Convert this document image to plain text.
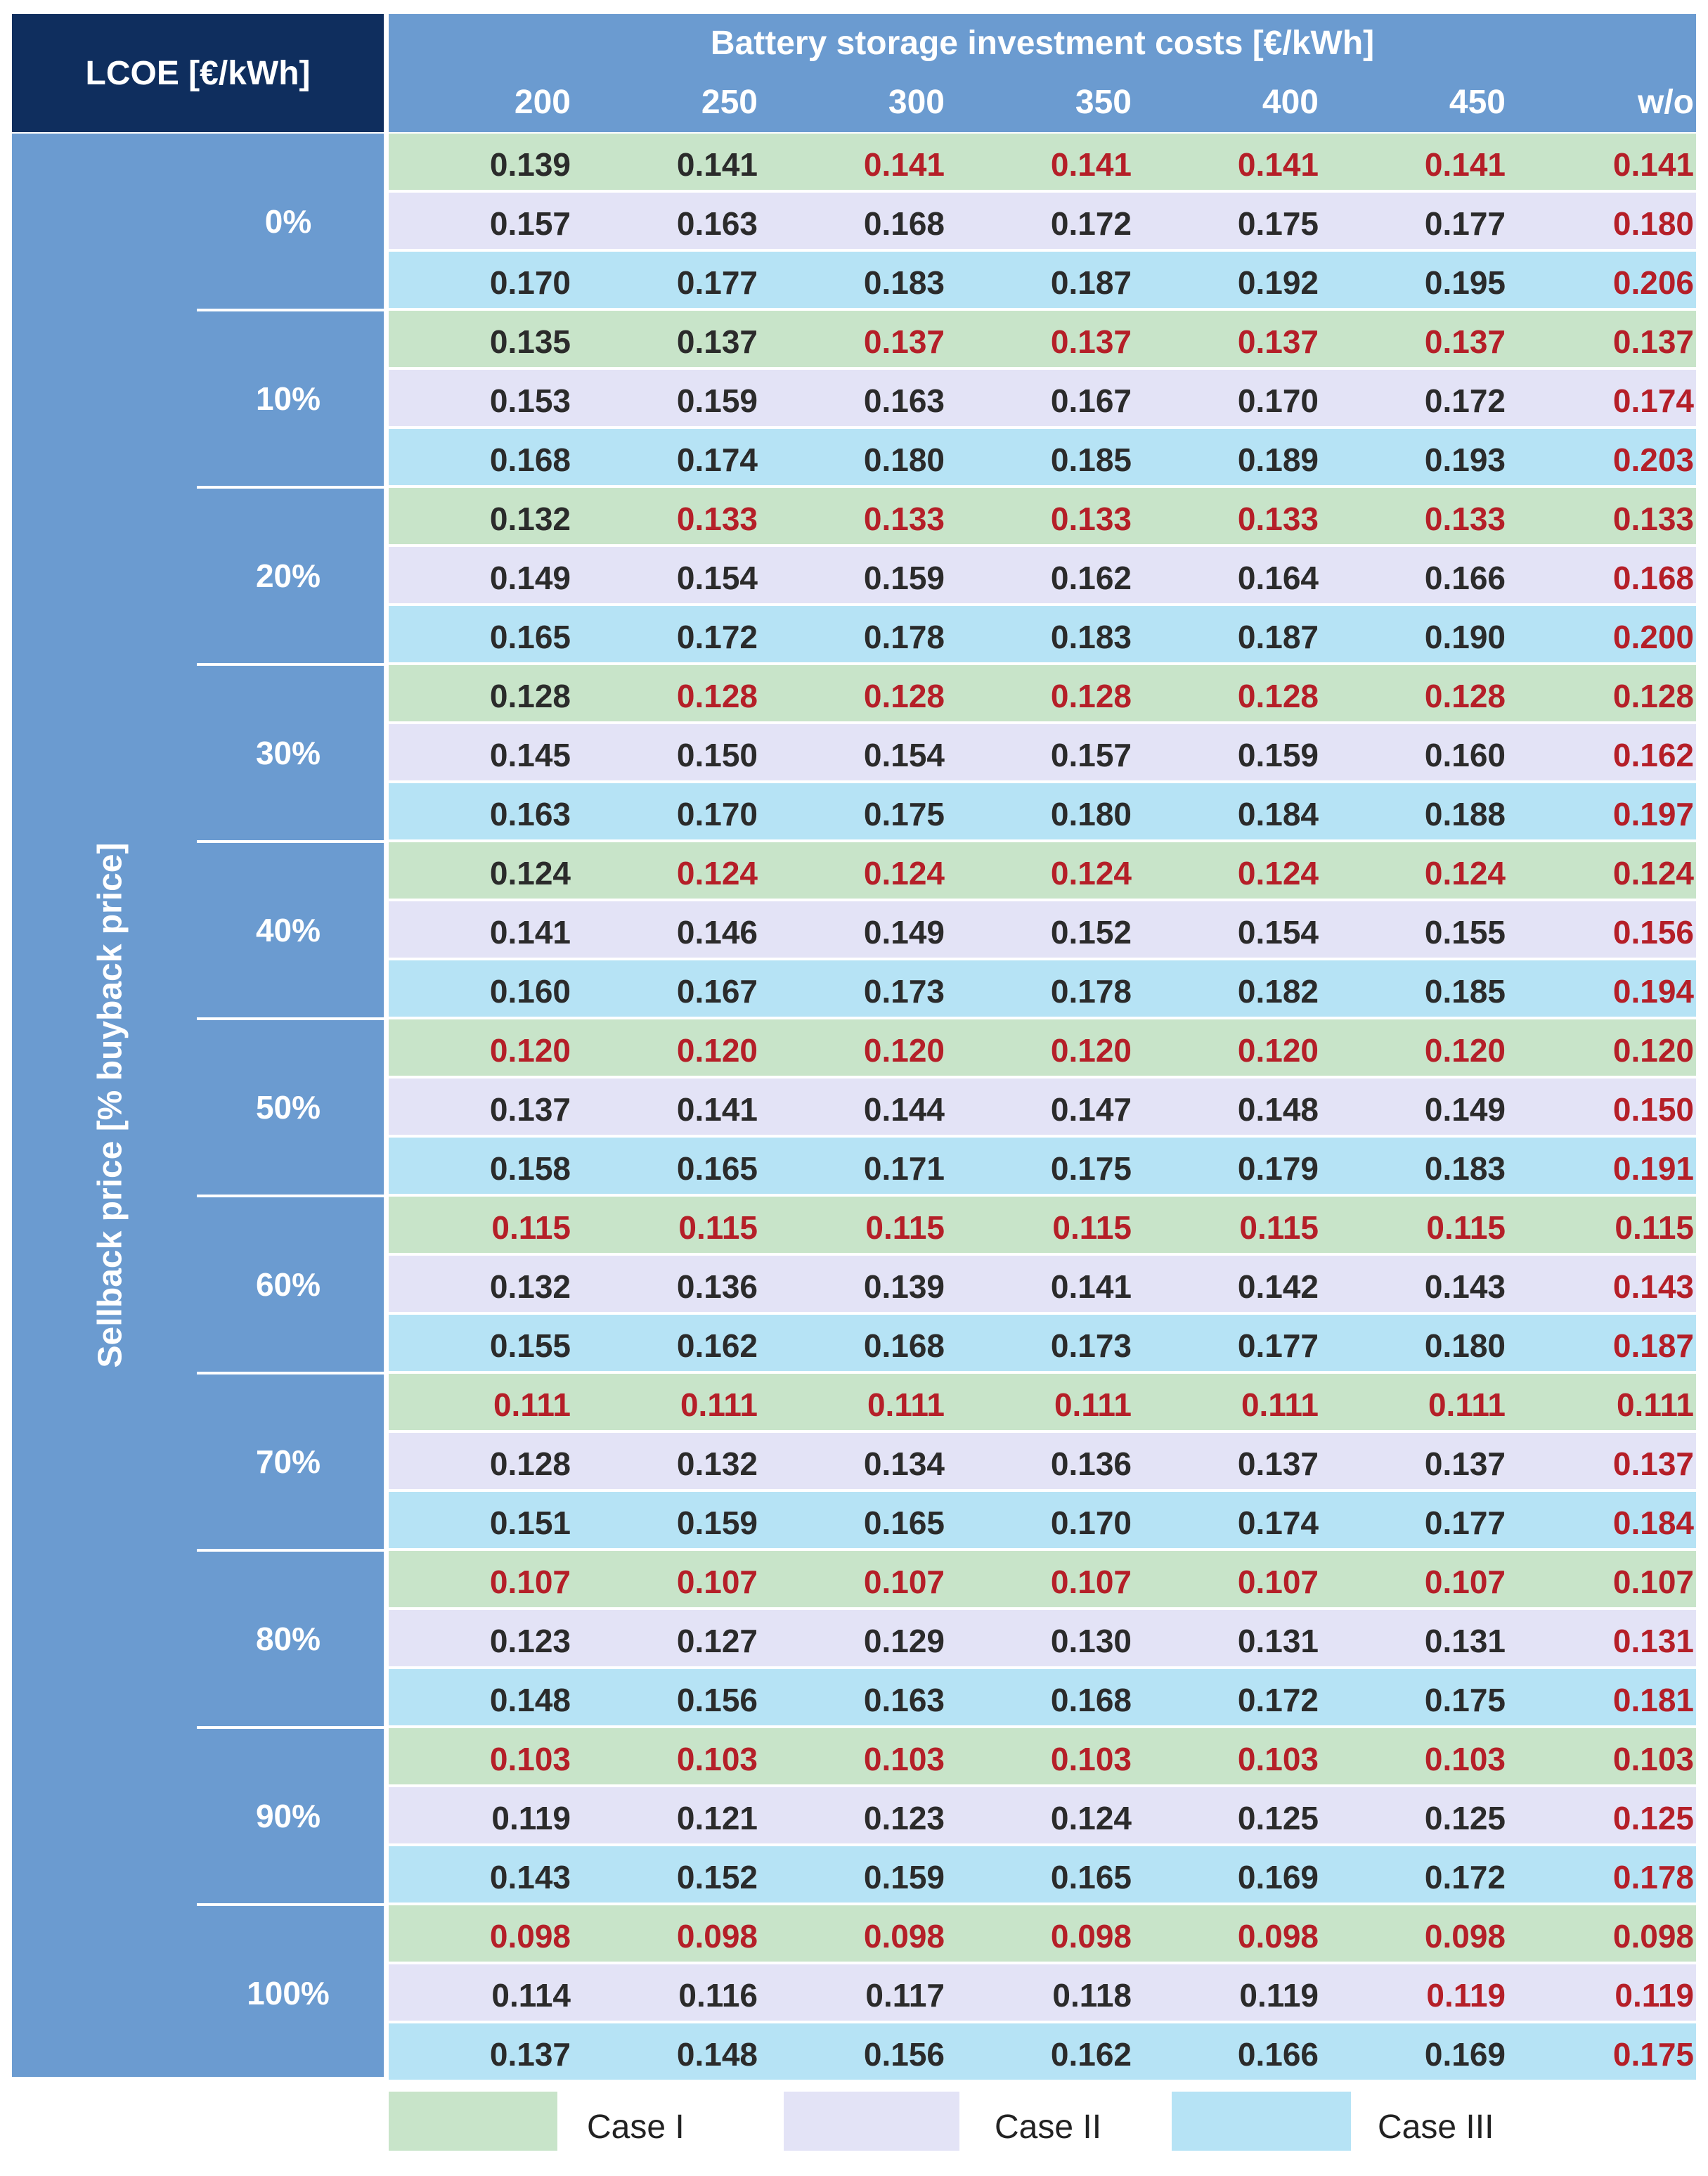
LCOE [€/kWh]
Battery storage investment costs [€/kWh]
200	250	300	350	400	450	w/o
Sellback price [% buyback price]
0.139	0.141	0.141	0.141	0.141	0.141	0.141
0.157	0.163	0.168	0.172	0.175	0.177	0.180
0.170	0.177	0.183	0.187	0.192	0.195	0.206
0%
0.135	0.137	0.137	0.137	0.137	0.137	0.137
0.153	0.159	0.163	0.167	0.170	0.172	0.174
0.168	0.174	0.180	0.185	0.189	0.193	0.203
10%
0.132	0.133	0.133	0.133	0.133	0.133	0.133
0.149	0.154	0.159	0.162	0.164	0.166	0.168
0.165	0.172	0.178	0.183	0.187	0.190	0.200
20%
0.128	0.128	0.128	0.128	0.128	0.128	0.128
0.145	0.150	0.154	0.157	0.159	0.160	0.162
0.163	0.170	0.175	0.180	0.184	0.188	0.197
30%
0.124	0.124	0.124	0.124	0.124	0.124	0.124
0.141	0.146	0.149	0.152	0.154	0.155	0.156
0.160	0.167	0.173	0.178	0.182	0.185	0.194
40%
0.120	0.120	0.120	0.120	0.120	0.120	0.120
0.137	0.141	0.144	0.147	0.148	0.149	0.150
0.158	0.165	0.171	0.175	0.179	0.183	0.191
50%
0.115	0.115	0.115	0.115	0.115	0.115	0.115
0.132	0.136	0.139	0.141	0.142	0.143	0.143
0.155	0.162	0.168	0.173	0.177	0.180	0.187
60%
0.111	0.111	0.111	0.111	0.111	0.111	0.111
0.128	0.132	0.134	0.136	0.137	0.137	0.137
0.151	0.159	0.165	0.170	0.174	0.177	0.184
70%
0.107	0.107	0.107	0.107	0.107	0.107	0.107
0.123	0.127	0.129	0.130	0.131	0.131	0.131
0.148	0.156	0.163	0.168	0.172	0.175	0.181
80%
0.103	0.103	0.103	0.103	0.103	0.103	0.103
0.119	0.121	0.123	0.124	0.125	0.125	0.125
0.143	0.152	0.159	0.165	0.169	0.172	0.178
90%
0.098	0.098	0.098	0.098	0.098	0.098	0.098
0.114	0.116	0.117	0.118	0.119	0.119	0.119
0.137	0.148	0.156	0.162	0.166	0.169	0.175
100%
Case I	Case II	Case III
